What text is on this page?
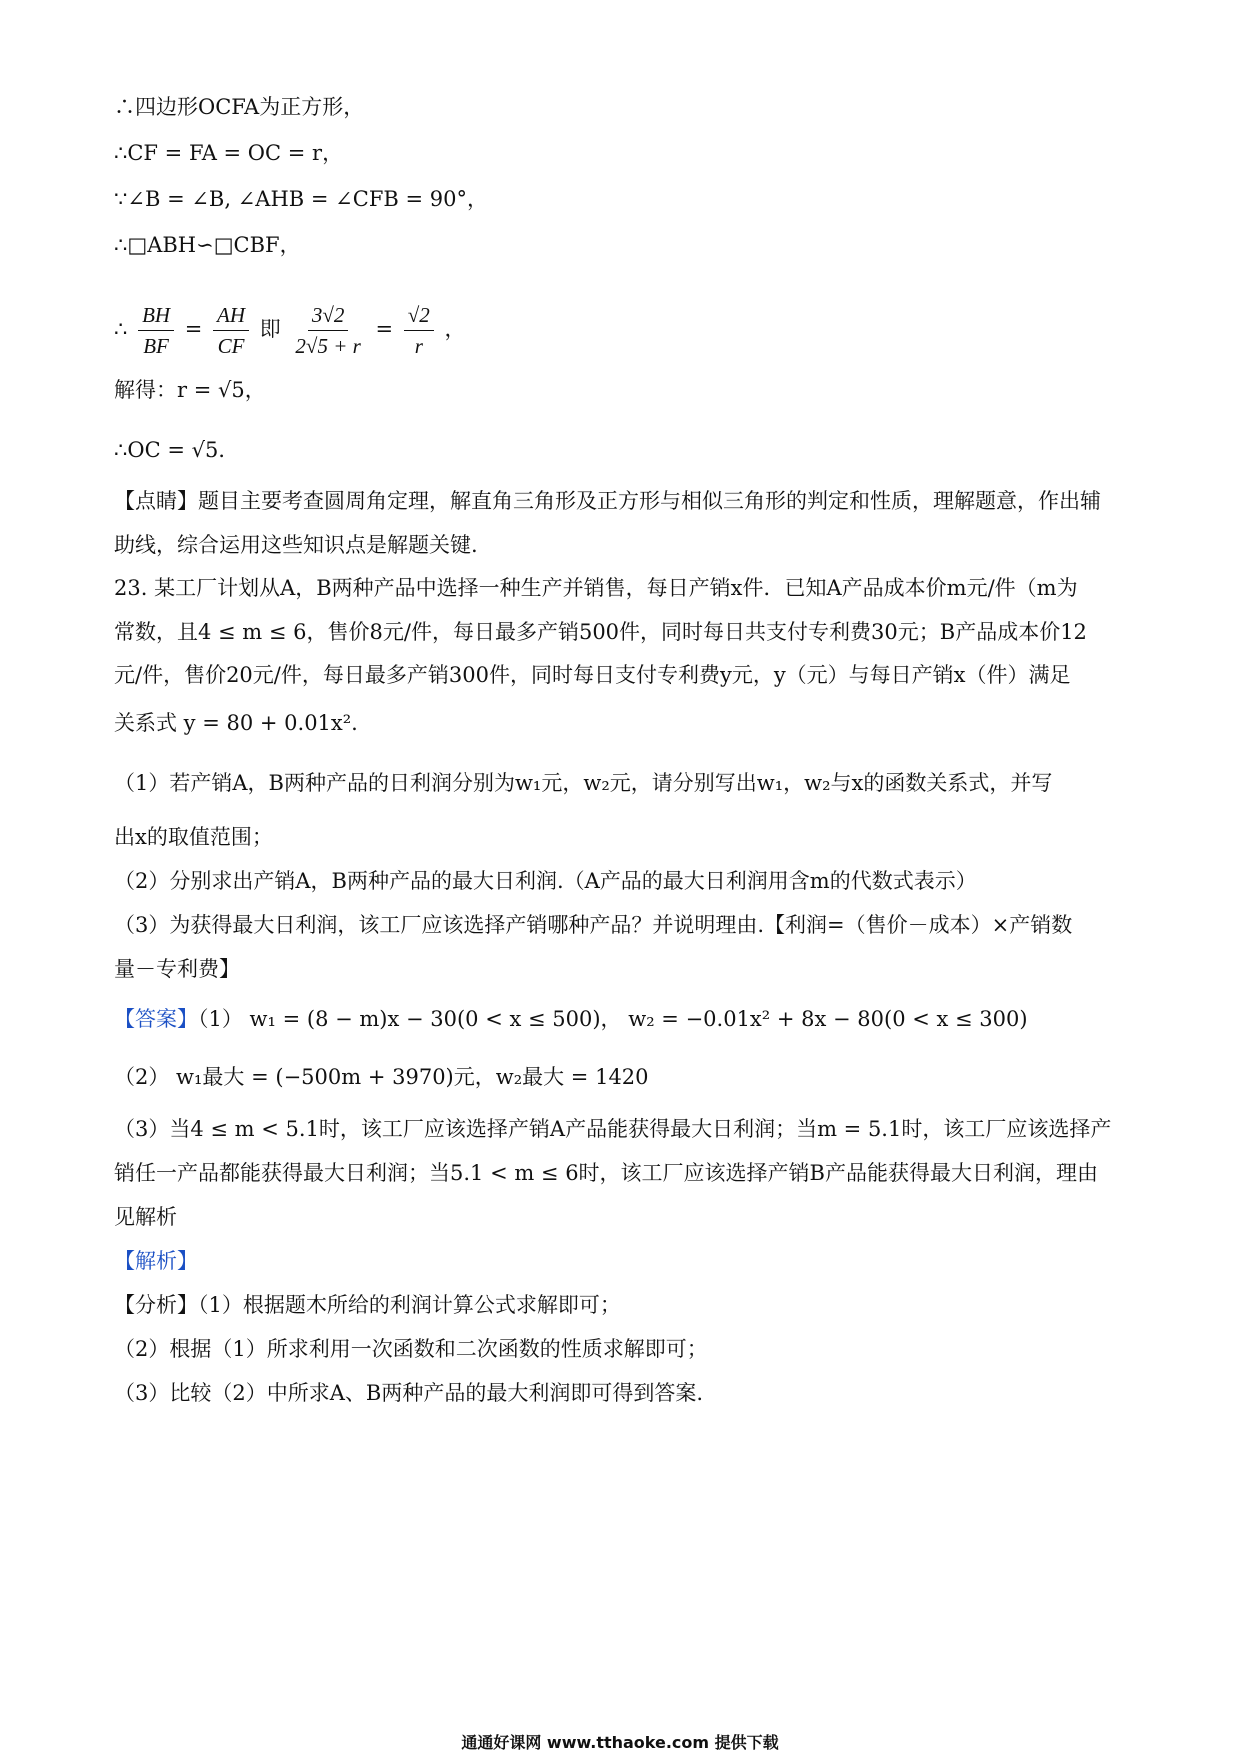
∴四边形OCFA为正方形，
∴CF = FA = OC = r，
∵∠B = ∠B, ∠AHB = ∠CFB = 90°，
∴□ABH∽□CBF，
∴ $\frac{BH}{BF} = \frac{AH}{CF}$ 即 $\frac{3√2}{2√5 + r} = \frac{√2}{r}$ ，
解得：r = √5，
∴OC = √5．
【点睛】题目主要考查圆周角定理，解直角三角形及正方形与相似三角形的判定和性质，理解题意，作出辅
助线，综合运用这些知识点是解题关键.
23. 某工厂计划从A，B两种产品中选择一种生产并销售，每日产销x件．已知A产品成本价m元/件（m为
常数，且4 ≤ m ≤ 6，售价8元/件，每日最多产销500件，同时每日共支付专利费30元；B产品成本价12
元/件，售价20元/件，每日最多产销300件，同时每日支付专利费y元，y（元）与每日产销x（件）满足
关系式 y = 80 + 0.01x².
（1）若产销A，B两种产品的日利润分别为w₁元，w₂元，请分别写出w₁，w₂与x的函数关系式，并写
出x的取值范围；
（2）分别求出产销A，B两种产品的最大日利润.（A产品的最大日利润用含m的代数式表示）
（3）为获得最大日利润，该工厂应该选择产销哪种产品？并说明理由.【利润=（售价－成本）×产销数
量－专利费】
【答案】（1） w₁ = (8 − m)x − 30(0 < x ≤ 500)， w₂ = −0.01x² + 8x − 80(0 < x ≤ 300)
（2） w₁最大 = (−500m + 3970)元，w₂最大 = 1420
（3）当4 ≤ m < 5.1时，该工厂应该选择产销A产品能获得最大日利润；当m = 5.1时，该工厂应该选择产
销任一产品都能获得最大日利润；当5.1 < m ≤ 6时，该工厂应该选择产销B产品能获得最大日利润，理由
见解析
【解析】
【分析】（1）根据题木所给的利润计算公式求解即可；
（2）根据（1）所求利用一次函数和二次函数的性质求解即可；
（3）比较（2）中所求A、B两种产品的最大利润即可得到答案.
通通好课网 www.tthaoke.com 提供下载
